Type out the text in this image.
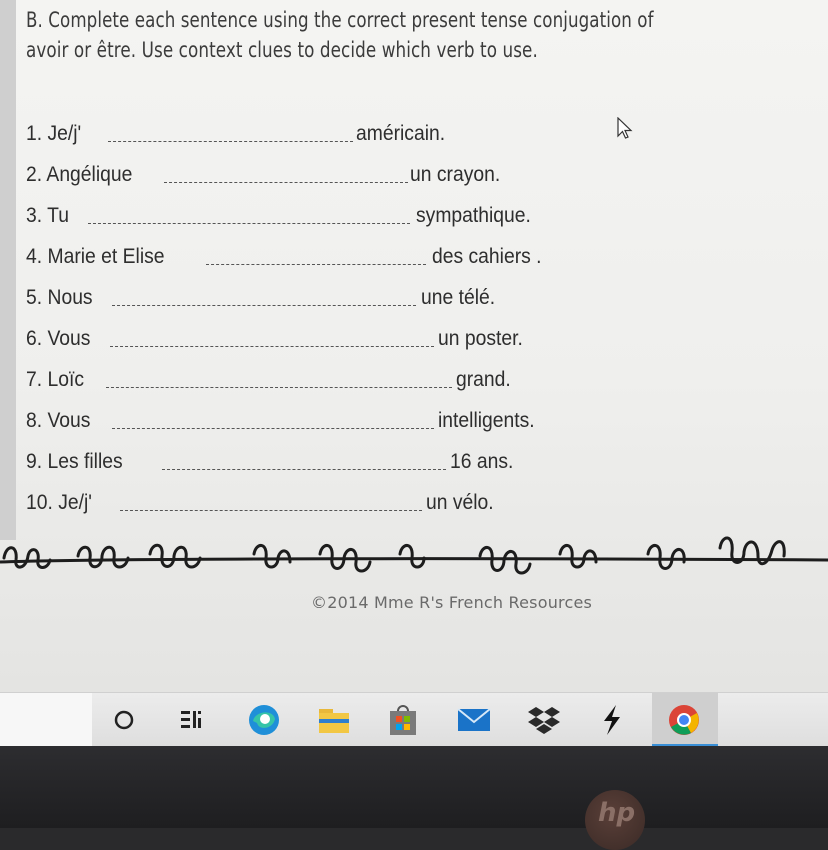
B. Complete each sentence using the correct present tense conjugation of
avoir or être. Use context clues to decide which verb to use.
1. Je/j'	américain.
2. Angélique	un crayon.
3. Tu	sympathique.
4. Marie et Elise	des cahiers .
5. Nous	une télé.
6. Vous	un poster.
7. Loïc	grand.
8. Vous	intelligents.
9. Les filles	16 ans.
10. Je/j'	un vélo.
©2014 Mme R's French Resources
hp
